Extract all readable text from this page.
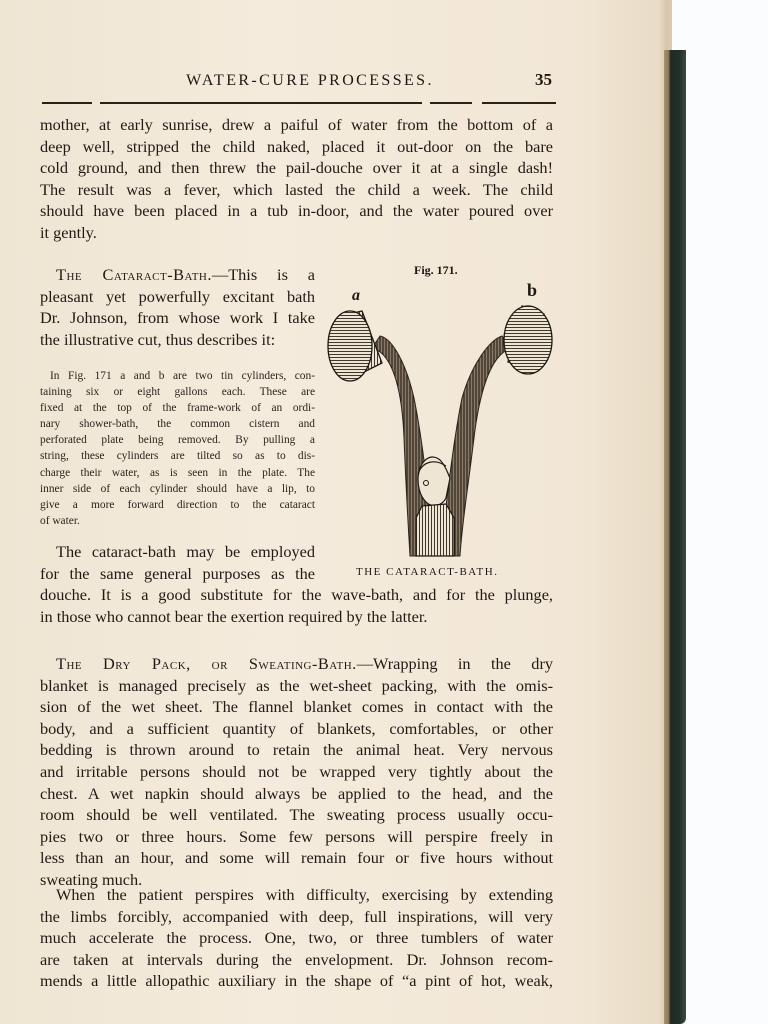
WATER-CURE PROCESSES.	35
mother, at early sunrise, drew a paiful of water from the bottom of a
deep well, stripped the child naked, placed it out-door on the bare
cold ground, and then threw the pail-douche over it at a single dash!
The result was a fever, which lasted the child a week. The child
should have been placed in a tub in-door, and the water poured over
it gently.
The Cataract-Bath.—This is a
pleasant yet powerfully excitant bath
Dr. Johnson, from whose work I take
the illustrative cut, thus describes it:
In Fig. 171 a and b are two tin cylinders, con-
taining six or eight gallons each. These are
fixed at the top of the frame-work of an ordi-
nary shower-bath, the common cistern and
perforated plate being removed. By pulling a
string, these cylinders are tilted so as to dis-
charge their water, as is seen in the plate. The
inner side of each cylinder should have a lip, to
give a more forward direction to the cataract
of water.
The cataract-bath may be employed
for the same general purposes as the
douche. It is a good substitute for the wave-bath, and for the plunge,
in those who cannot bear the exertion required by the latter.
Fig. 171.
a	b
THE CATARACT-BATH.
The Dry Pack, or Sweating-Bath.—Wrapping in the dry
blanket is managed precisely as the wet-sheet packing, with the omis-
sion of the wet sheet. The flannel blanket comes in contact with the
body, and a sufficient quantity of blankets, comfortables, or other
bedding is thrown around to retain the animal heat. Very nervous
and irritable persons should not be wrapped very tightly about the
chest. A wet napkin should always be applied to the head, and the
room should be well ventilated. The sweating process usually occu-
pies two or three hours. Some few persons will perspire freely in
less than an hour, and some will remain four or five hours without
sweating much.
When the patient perspires with difficulty, exercising by extending
the limbs forcibly, accompanied with deep, full inspirations, will very
much accelerate the process. One, two, or three tumblers of water
are taken at intervals during the envelopment. Dr. Johnson recom-
mends a little allopathic auxiliary in the shape of “a pint of hot, weak,
